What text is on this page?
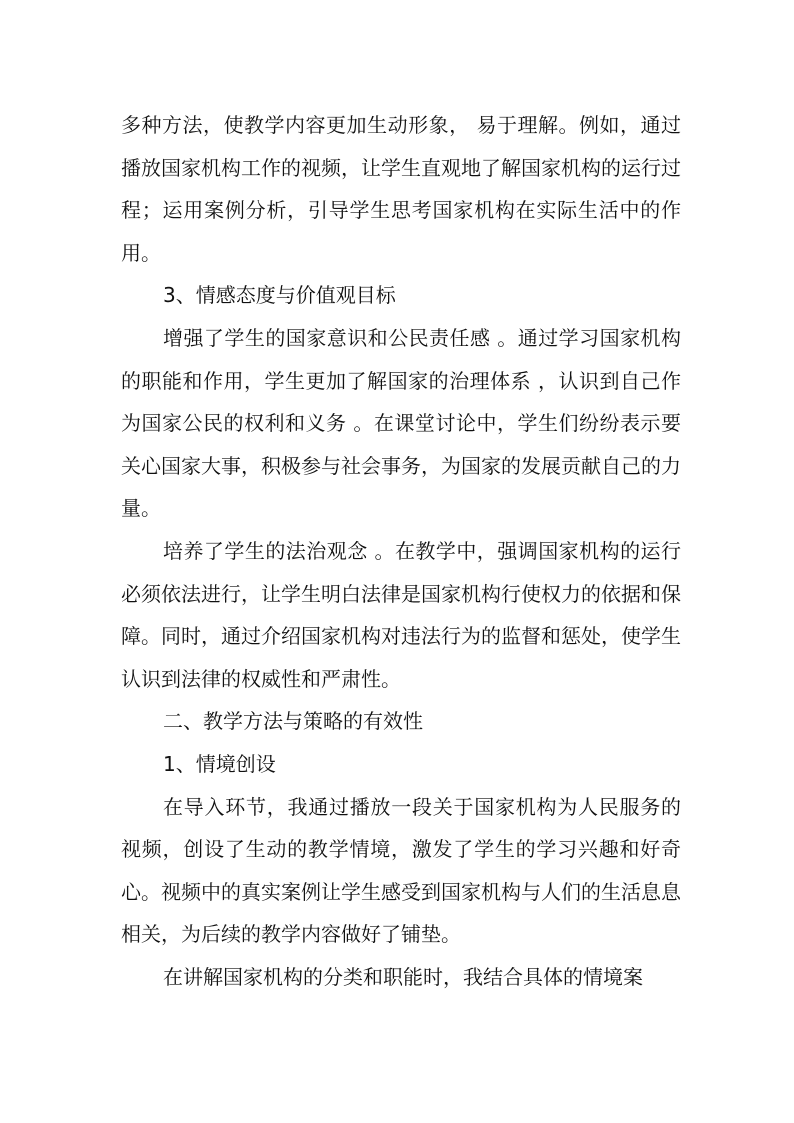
多种方法，使教学内容更加生动形象， 易于理解。例如，通过播放国家机构工作的视频，让学生直观地了解国家机构的运行过程；运用案例分析，引导学生思考国家机构在实际生活中的作用。

3、情感态度与价值观目标

增强了学生的国家意识和公民责任感 。通过学习国家机构的职能和作用，学生更加了解国家的治理体系 ，认识到自己作为国家公民的权利和义务 。在课堂讨论中，学生们纷纷表示要关心国家大事，积极参与社会事务，为国家的发展贡献自己的力量。

培养了学生的法治观念 。在教学中，强调国家机构的运行必须依法进行，让学生明白法律是国家机构行使权力的依据和保障。同时，通过介绍国家机构对违法行为的监督和惩处，使学生认识到法律的权威性和严肃性。

二、教学方法与策略的有效性

1、情境创设

在导入环节，我通过播放一段关于国家机构为人民服务的视频，创设了生动的教学情境，激发了学生的学习兴趣和好奇心。视频中的真实案例让学生感受到国家机构与人们的生活息息相关，为后续的教学内容做好了铺垫。

在讲解国家机构的分类和职能时，我结合具体的情境案
